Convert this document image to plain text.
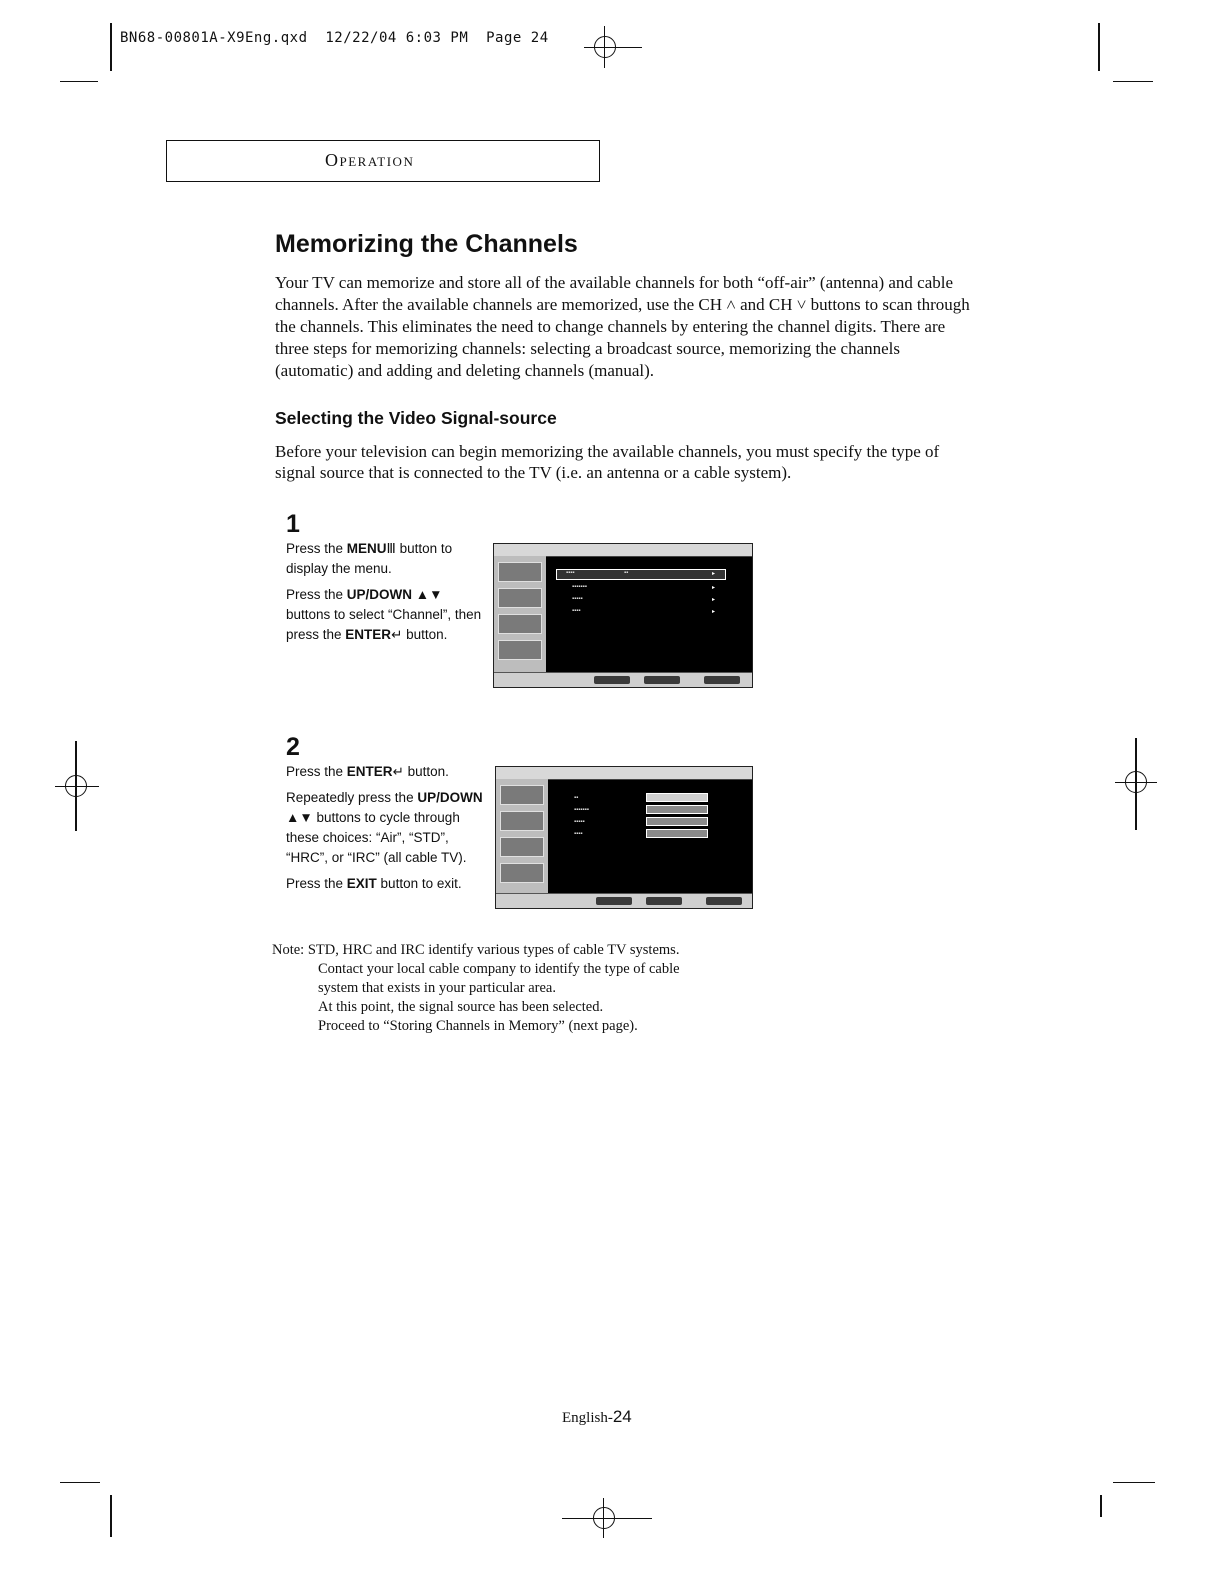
BN68-00801A-X9Eng.qxd 12/22/04 6:03 PM Page 24
Operation
Memorizing the Channels

Your TV can memorize and store all of the available channels for both “off-air” (antenna) and cable channels. After the available channels are memorized, use the CH ˄ and CH ˅ buttons to scan through the channels. This eliminates the need to change channels by entering the channel digits. There are three steps for memorizing channels: selecting a broadcast source, memorizing the channels (automatic) and adding and deleting channels (manual).

Selecting the Video Signal-source

Before your television can begin memorizing the available channels, you must specify the type of signal source that is connected to the TV (i.e. an antenna or a cable system).

1

Press the MENUⅢ button to display the menu.

Press the UP/DOWN ▲▼ buttons to select “Channel”, then press the ENTER↵ button.

▪▪▪▪	▪▪
▪▪▪▪▪▪▪
▪▪▪▪▪
▪▪▪▪
▸
▸
▸
▸
2

Press the ENTER↵ button.

Repeatedly press the UP/DOWN ▲▼ buttons to cycle through these choices: “Air”, “STD”, “HRC”, or “IRC” (all cable TV).

Press the EXIT button to exit.

▪▪
▪▪▪▪▪▪▪
▪▪▪▪▪
▪▪▪▪
Note: STD, HRC and IRC identify various types of cable TV systems.
Contact your local cable company to identify the type of cable
system that exists in your particular area.
At this point, the signal source has been selected.
Proceed to “Storing Channels in Memory” (next page).
English-24
